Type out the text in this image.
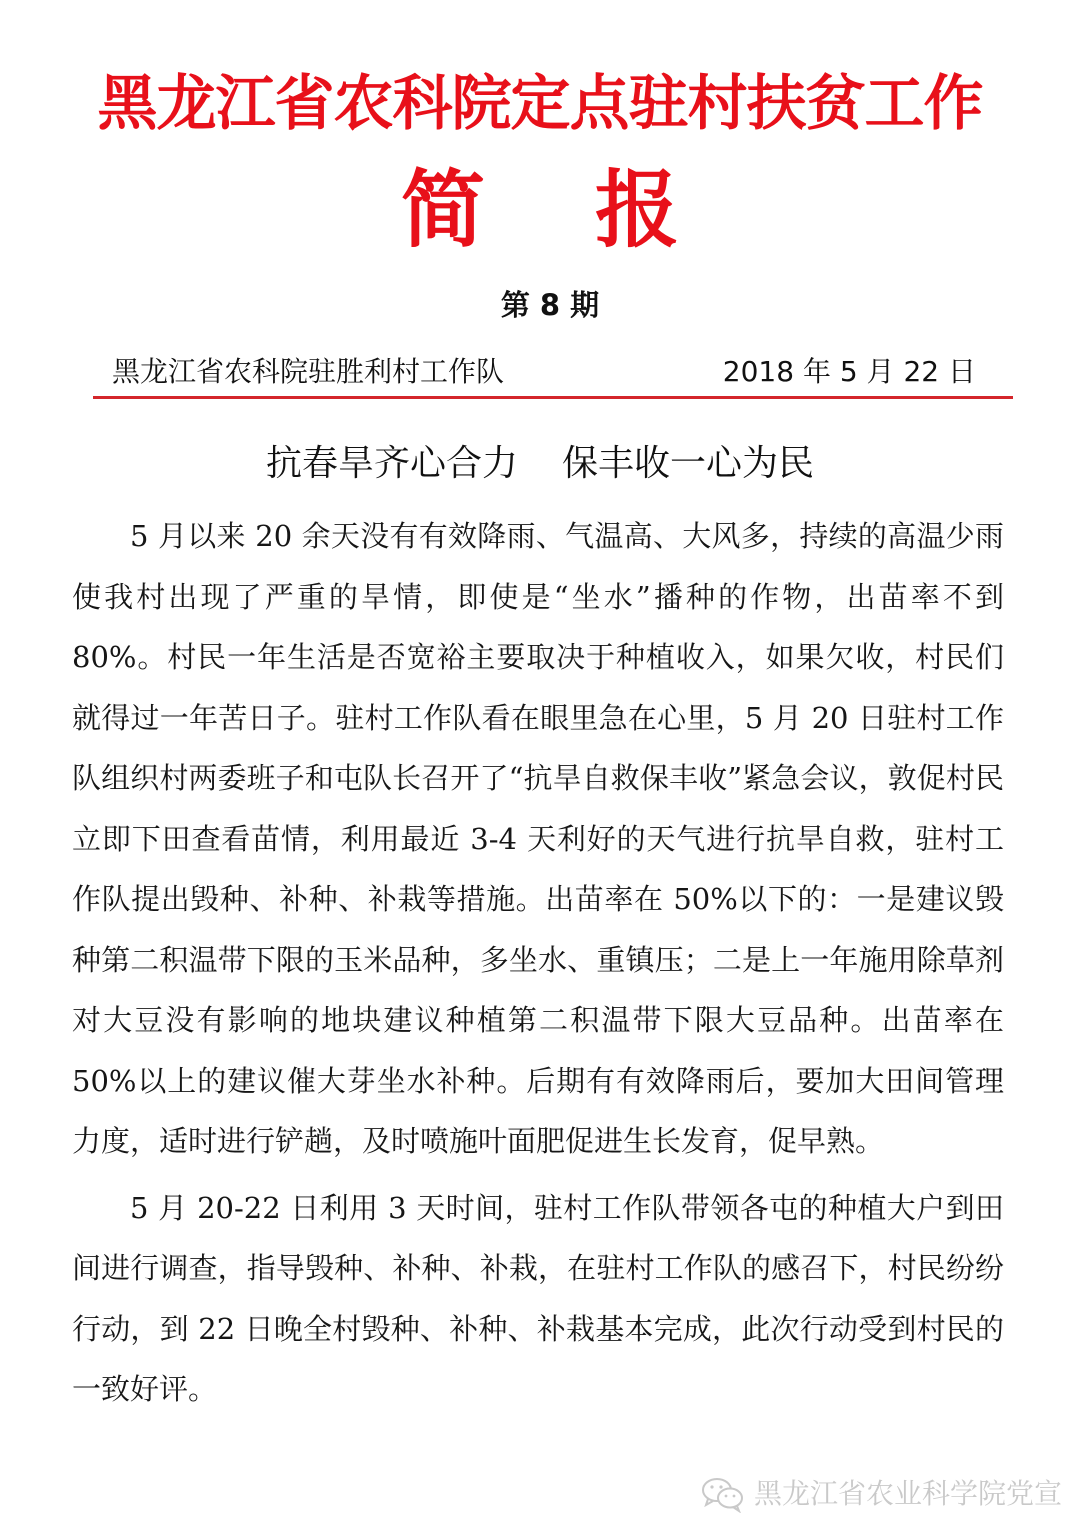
黑龙江省农科院定点驻村扶贫工作
简 报
第 8 期
黑龙江省农科院驻胜利村工作队	2018 年 5 月 22 日
抗春旱齐心合力 保丰收一心为民

5 月以来 20 余天没有有效降雨、气温高、大风多，持续的高温少雨使我村出现了严重的旱情，即使是“坐水”播种的作物，出苗率不到 80%。村民一年生活是否宽裕主要取决于种植收入，如果欠收，村民们就得过一年苦日子。驻村工作队看在眼里急在心里，5 月 20 日驻村工作队组织村两委班子和屯队长召开了“抗旱自救保丰收”紧急会议，敦促村民立即下田查看苗情，利用最近 3-4 天利好的天气进行抗旱自救，驻村工作队提出毁种、补种、补栽等措施。出苗率在 50%以下的：一是建议毁种第二积温带下限的玉米品种，多坐水、重镇压；二是上一年施用除草剂对大豆没有影响的地块建议种植第二积温带下限大豆品种。出苗率在 50%以上的建议催大芽坐水补种。后期有有效降雨后，要加大田间管理力度，适时进行铲趟，及时喷施叶面肥促进生长发育，促早熟。

5 月 20-22 日利用 3 天时间，驻村工作队带领各屯的种植大户到田间进行调查，指导毁种、补种、补栽，在驻村工作队的感召下，村民纷纷行动，到 22 日晚全村毁种、补种、补栽基本完成，此次行动受到村民的一致好评。

黑龙江省农业科学院党宣
